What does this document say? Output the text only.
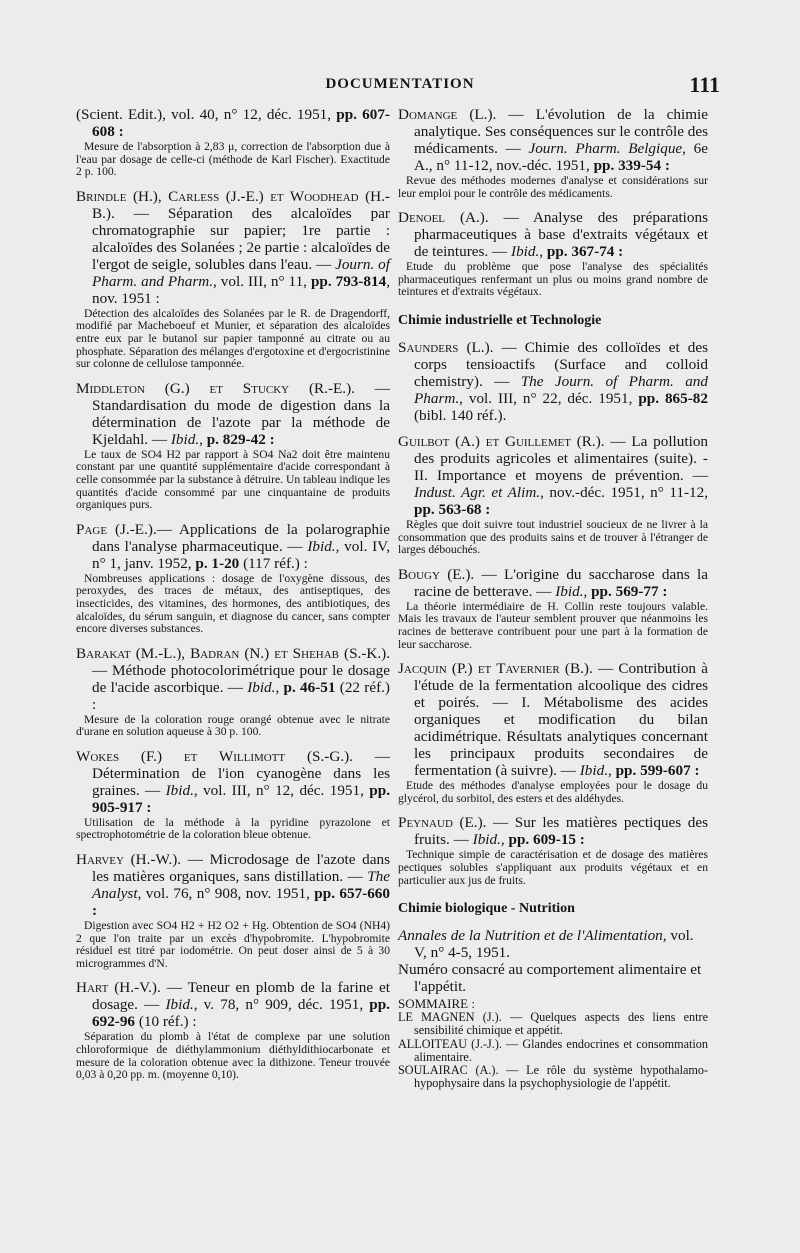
DOCUMENTATION	111
(Scient. Edit.), vol. 40, n° 12, déc. 1951, pp. 607-608 :
Mesure de l'absorption à 2,83 μ, correction de l'absorption due à l'eau par dosage de celle-ci (méthode de Karl Fischer). Exactitude 2 p. 100.
Brindle (H.), Carless (J.-E.) et Woodhead (H.-B.). — Séparation des alcaloïdes par chromatographie sur papier; 1re partie : alcaloïdes des Solanées ; 2e partie : alcaloïdes de l'ergot de seigle, solubles dans l'eau. — Journ. of Pharm. and Pharm., vol. III, n° 11, pp. 793-814, nov. 1951 :
Détection des alcaloïdes des Solanées par le R. de Dragendorff, modifié par Macheboeuf et Munier, et séparation des alcaloïdes entre eux par le butanol sur papier tamponné au citrate ou au phosphate. Séparation des mélanges d'ergotoxine et d'ergocristinine sur colonne de cellulose tamponnée.
Middleton (G.) et Stucky (R.-E.). — Standardisation du mode de digestion dans la détermination de l'azote par la méthode de Kjeldahl. — Ibid., p. 829-42 :
Le taux de SO4 H2 par rapport à SO4 Na2 doit être maintenu constant par une quantité supplémentaire d'acide correspondant à celle consommée par la substance à détruire. Un tableau indique les quantités d'acide consommé par une cinquantaine de produits organiques purs.
Page (J.-E.).— Applications de la polarographie dans l'analyse pharmaceutique. — Ibid., vol. IV, n° 1, janv. 1952, p. 1-20 (117 réf.) :
Nombreuses applications : dosage de l'oxygène dissous, des peroxydes, des traces de métaux, des antiseptiques, des insecticides, des vitamines, des hormones, des antibiotiques, des alcaloïdes, du sérum sanguin, et diagnose du cancer, sans compter encore diverses substances.
Barakat (M.-L.), Badran (N.) et Shehab (S.-K.). — Méthode photocolorimétrique pour le dosage de l'acide ascorbique. — Ibid., p. 46-51 (22 réf.) :
Mesure de la coloration rouge orangé obtenue avec le nitrate d'urane en solution aqueuse à 30 p. 100.
Wokes (F.) et Willimott (S.-G.). — Détermination de l'ion cyanogène dans les graines. — Ibid., vol. III, n° 12, déc. 1951, pp. 905-917 :
Utilisation de la méthode à la pyridine pyrazolone et spectrophotométrie de la coloration bleue obtenue.
Harvey (H.-W.). — Microdosage de l'azote dans les matières organiques, sans distillation. — The Analyst, vol. 76, n° 908, nov. 1951, pp. 657-660 :
Digestion avec SO4 H2 + H2 O2 + Hg. Obtention de SO4 (NH4) 2 que l'on traite par un excès d'hypobromite. L'hypobromite résiduel est titré par iodométrie. On peut doser ainsi de 5 à 30 microgrammes d'N.
Hart (H.-V.). — Teneur en plomb de la farine et dosage. — Ibid., v. 78, n° 909, déc. 1951, pp. 692-96 (10 réf.) :
Séparation du plomb à l'état de complexe par une solution chloroformique de diéthylammonium diéthyldithiocarbonate et mesure de la coloration obtenue avec la dithizone. Teneur trouvée 0,03 à 0,20 pp. m. (moyenne 0,10).
Domange (L.). — L'évolution de la chimie analytique. Ses conséquences sur le contrôle des médicaments. — Journ. Pharm. Belgique, 6e A., n° 11-12, nov.-déc. 1951, pp. 339-54 :
Revue des méthodes modernes d'analyse et considérations sur leur emploi pour le contrôle des médicaments.
Denoel (A.). — Analyse des préparations pharmaceutiques à base d'extraits végétaux et de teintures. — Ibid., pp. 367-74 :
Etude du problème que pose l'analyse des spécialités pharmaceutiques renfermant un plus ou moins grand nombre de teintures et d'extraits végétaux.
Chimie industrielle et Technologie
Saunders (L.). — Chimie des colloïdes et des corps tensioactifs (Surface and colloid chemistry). — The Journ. of Pharm. and Pharm., vol. III, n° 22, déc. 1951, pp. 865-82 (bibl. 140 réf.).
Guilbot (A.) et Guillemet (R.). — La pollution des produits agricoles et alimentaires (suite). - II. Importance et moyens de prévention. — Indust. Agr. et Alim., nov.-déc. 1951, n° 11-12, pp. 563-68 :
Règles que doit suivre tout industriel soucieux de ne livrer à la consommation que des produits sains et de trouver à l'étranger de larges débouchés.
Bougy (E.). — L'origine du saccharose dans la racine de betterave. — Ibid., pp. 569-77 :
La théorie intermédiaire de H. Collin reste toujours valable. Mais les travaux de l'auteur semblent prouver que néanmoins les racines de betterave contribuent pour une part à la formation de leur saccharose.
Jacquin (P.) et Tavernier (B.). — Contribution à l'étude de la fermentation alcoolique des cidres et poirés. — I. Métabolisme des acides organiques et modification du bilan acidimétrique. Résultats analytiques concernant les principaux produits secondaires de fermentation (à suivre). — Ibid., pp. 599-607 :
Etude des méthodes d'analyse employées pour le dosage du glycérol, du sorbitol, des esters et des aldéhydes.
Peynaud (E.). — Sur les matières pectiques des fruits. — Ibid., pp. 609-15 :
Technique simple de caractérisation et de dosage des matières pectiques solubles s'appliquant aux produits végétaux et en particulier aux jus de fruits.
Chimie biologique - Nutrition
Annales de la Nutrition et de l'Alimentation, vol. V, n° 4-5, 1951.
Numéro consacré au comportement alimentaire et l'appétit.
SOMMAIRE :
LE MAGNEN (J.). — Quelques aspects des liens entre sensibilité chimique et appétit.
ALLOITEAU (J.-J.). — Glandes endocrines et consommation alimentaire.
SOULAIRAC (A.). — Le rôle du système hypothalamo-hypophysaire dans la psychophysiologie de l'appétit.
